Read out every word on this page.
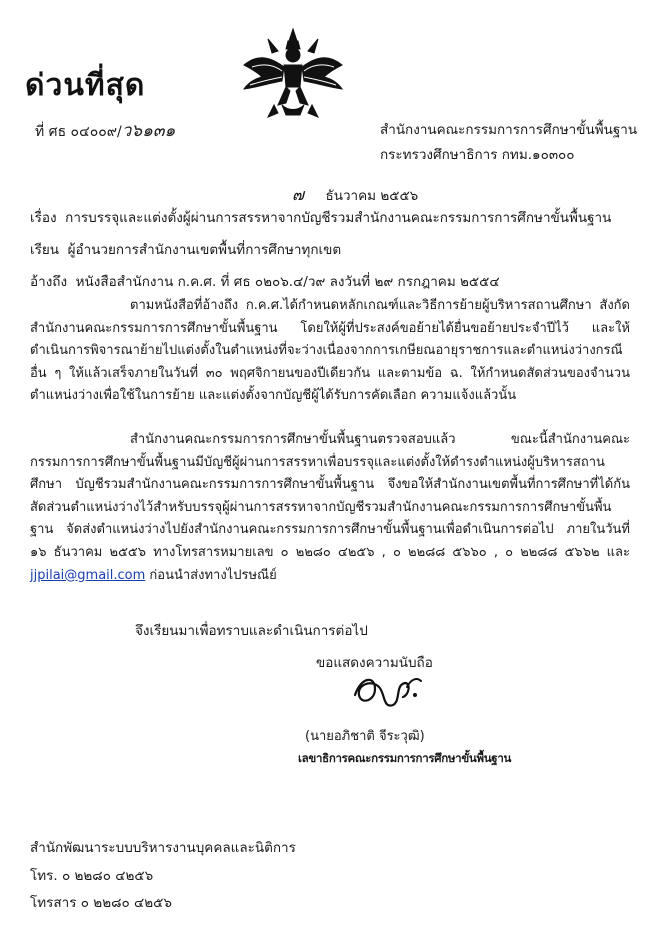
ด่วนที่สุด
ที่ ศธ ๐๔๐๐๙/ว๖๑๓๑	สำนักงานคณะกรรมการการศึกษาขั้นพื้นฐาน
กระทรวงศึกษาธิการ กทม.๑๐๓๐๐
๗ ธันวาคม ๒๕๕๖
เรื่อง การบรรจุและแต่งตั้งผู้ผ่านการสรรหาจากบัญชีรวมสำนักงานคณะกรรมการการศึกษาขั้นพื้นฐาน
เรียน ผู้อำนวยการสำนักงานเขตพื้นที่การศึกษาทุกเขต
อ้างถึง หนังสือสำนักงาน ก.ค.ศ. ที่ ศธ ๐๒๐๖.๔/ว๙ ลงวันที่ ๒๙ กรกฎาคม ๒๕๕๔

ตามหนังสือที่อ้างถึง ก.ค.ศ.ได้กำหนดหลักเกณฑ์และวิธีการย้ายผู้บริหารสถานศึกษา สังกัดสำนักงานคณะกรรมการการศึกษาขั้นพื้นฐาน โดยให้ผู้ที่ประสงค์ขอย้ายได้ยื่นขอย้ายประจำปีไว้ และให้ดำเนินการพิจารณาย้ายไปแต่งตั้งในตำแหน่งที่จะว่างเนื่องจากการเกษียณอายุราชการและตำแหน่งว่างกรณีอื่น ๆ ให้แล้วเสร็จภายในวันที่ ๓๐ พฤศจิกายนของปีเดียวกัน และตามข้อ ฉ. ให้กำหนดสัดส่วนของจำนวนตำแหน่งว่างเพื่อใช้ในการย้าย และแต่งตั้งจากบัญชีผู้ได้รับการคัดเลือก ความแจ้งแล้วนั้น

สำนักงานคณะกรรมการการศึกษาขั้นพื้นฐานตรวจสอบแล้ว ขณะนี้สำนักงานคณะกรรมการการศึกษาขั้นพื้นฐานมีบัญชีผู้ผ่านการสรรหาเพื่อบรรจุและแต่งตั้งให้ดำรงตำแหน่งผู้บริหารสถานศึกษา บัญชีรวมสำนักงานคณะกรรมการการศึกษาขั้นพื้นฐาน จึงขอให้สำนักงานเขตพื้นที่การศึกษาที่ได้กันสัดส่วนตำแหน่งว่างไว้สำหรับบรรจุผู้ผ่านการสรรหาจากบัญชีรวมสำนักงานคณะกรรมการการศึกษาขั้นพื้นฐาน จัดส่งตำแหน่งว่างไปยังสำนักงานคณะกรรมการการศึกษาขั้นพื้นฐานเพื่อดำเนินการต่อไป ภายในวันที่ ๑๖ ธันวาคม ๒๕๕๖ ทางโทรสารหมายเลข ๐ ๒๒๘๐ ๔๒๕๖ , ๐ ๒๒๘๘ ๕๖๖๐ , ๐ ๒๒๘๘ ๕๖๖๒ และ jjpilai@gmail.com ก่อนนำส่งทางไปรษณีย์

จึงเรียนมาเพื่อทราบและดำเนินการต่อไป
ขอแสดงความนับถือ
(นายอภิชาติ จีระวุฒิ)
เลขาธิการคณะกรรมการการศึกษาขั้นพื้นฐาน
สำนักพัฒนาระบบบริหารงานบุคคลและนิติการ
โทร. ๐ ๒๒๘๐ ๔๒๕๖
โทรสาร ๐ ๒๒๘๐ ๔๒๕๖
